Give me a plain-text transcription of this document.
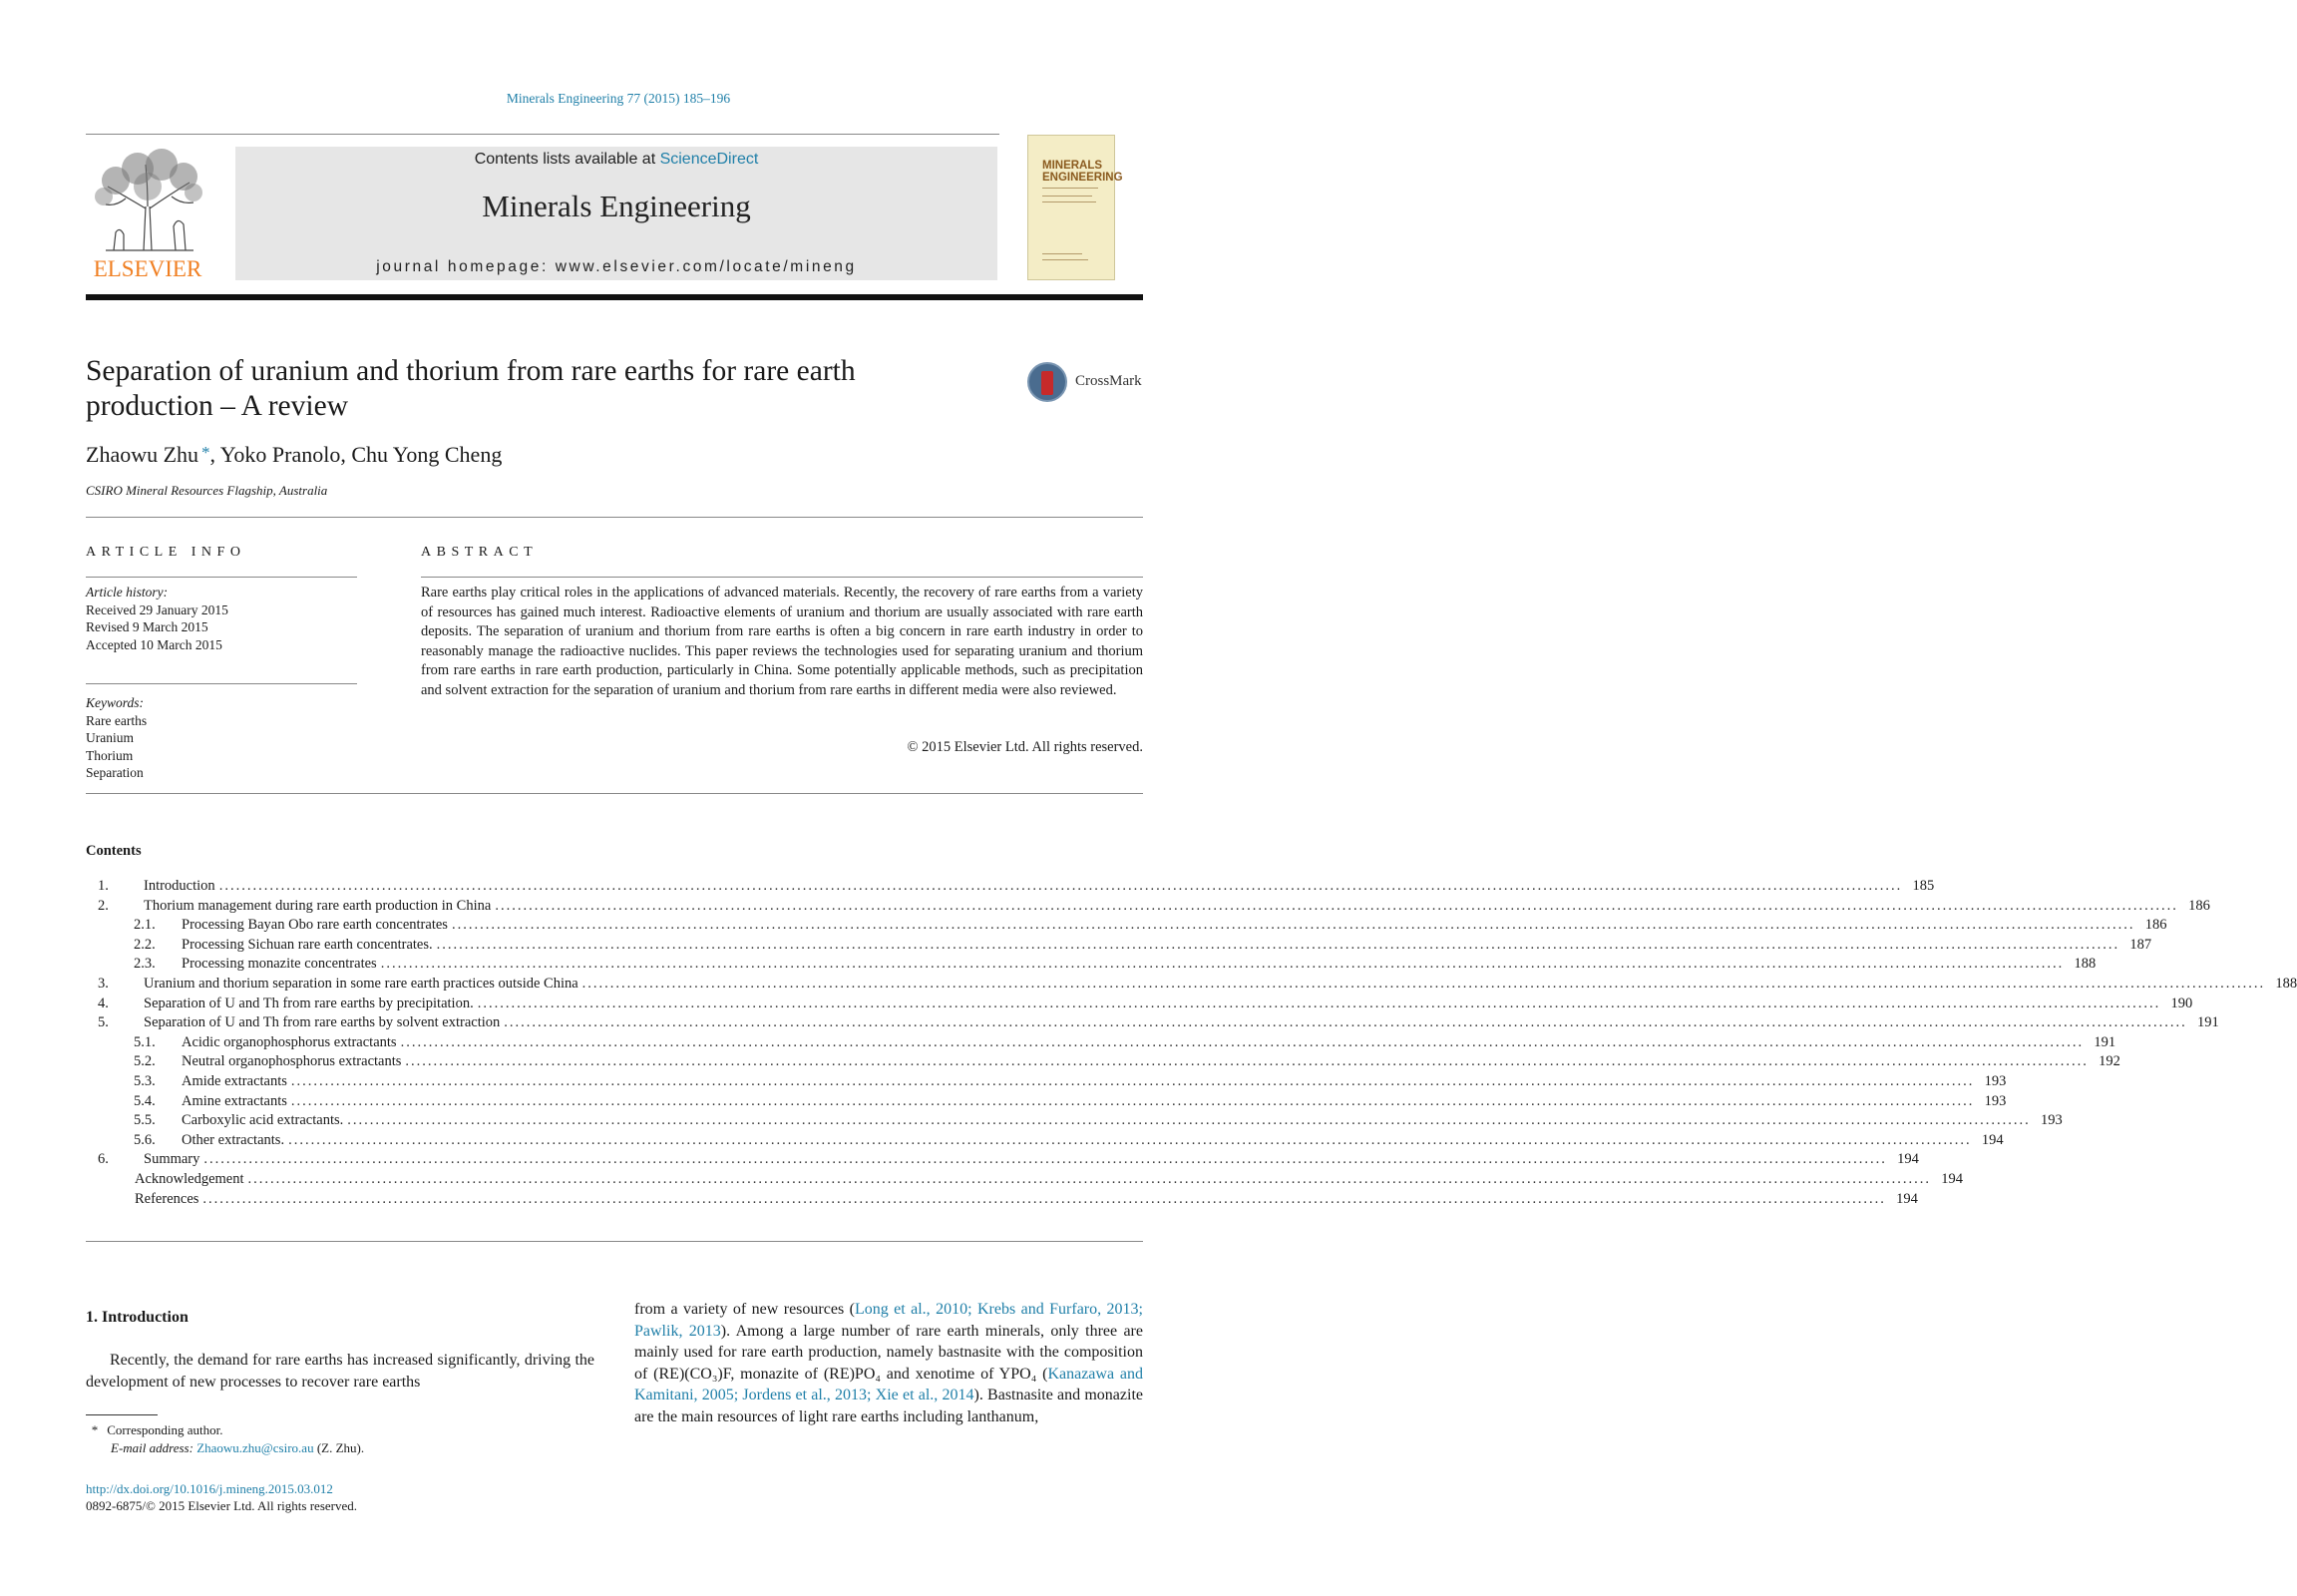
Minerals Engineering 77 (2015) 185–196
ELSEVIER
Contents lists available at ScienceDirect
Minerals Engineering
journal homepage: www.elsevier.com/locate/mineng
MINERALS
ENGINEERING
Separation of uranium and thorium from rare earths for rare earth production – A review
CrossMark
Zhaowu Zhu *, Yoko Pranolo, Chu Yong Cheng
CSIRO Mineral Resources Flagship, Australia
ARTICLE INFO	ABSTRACT
Article history:
Received 29 January 2015
Revised 9 March 2015
Accepted 10 March 2015
Keywords:
Rare earths
Uranium
Thorium
Separation
Rare earths play critical roles in the applications of advanced materials. Recently, the recovery of rare earths from a variety of resources has gained much interest. Radioactive elements of uranium and thorium are usually associated with rare earth deposits. The separation of uranium and thorium from rare earths is often a big concern in rare earth industry in order to reasonably manage the radioactive nuclides. This paper reviews the technologies used for separating uranium and thorium from rare earths in rare earth production, particularly in China. Some potentially applicable methods, such as precipitation and solvent extraction for the separation of uranium and thorium from rare earths in different media were also reviewed.
© 2015 Elsevier Ltd. All rights reserved.
Contents
1.	Introduction ............................................................................................................................................................................................................................................................................................................ 185
2.	Thorium management during rare earth production in China ............................................................................................................................................................................................................................................................................................................ 186
2.1.	Processing Bayan Obo rare earth concentrates ............................................................................................................................................................................................................................................................................................................ 186
2.2.	Processing Sichuan rare earth concentrates. ............................................................................................................................................................................................................................................................................................................ 187
2.3.	Processing monazite concentrates ............................................................................................................................................................................................................................................................................................................ 188
3.	Uranium and thorium separation in some rare earth practices outside China ............................................................................................................................................................................................................................................................................................................ 188
4.	Separation of U and Th from rare earths by precipitation. ............................................................................................................................................................................................................................................................................................................ 190
5.	Separation of U and Th from rare earths by solvent extraction ............................................................................................................................................................................................................................................................................................................ 191
5.1.	Acidic organophosphorus extractants ............................................................................................................................................................................................................................................................................................................ 191
5.2.	Neutral organophosphorus extractants ............................................................................................................................................................................................................................................................................................................ 192
5.3.	Amide extractants ............................................................................................................................................................................................................................................................................................................ 193
5.4.	Amine extractants ............................................................................................................................................................................................................................................................................................................ 193
5.5.	Carboxylic acid extractants. ............................................................................................................................................................................................................................................................................................................ 193
5.6.	Other extractants. ............................................................................................................................................................................................................................................................................................................ 194
6.	Summary ............................................................................................................................................................................................................................................................................................................ 194
Acknowledgement ............................................................................................................................................................................................................................................................................................................ 194
References ............................................................................................................................................................................................................................................................................................................ 194
1. Introduction
Recently, the demand for rare earths has increased significantly, driving the development of new processes to recover rare earths
from a variety of new resources (Long et al., 2010; Krebs and Furfaro, 2013; Pawlik, 2013). Among a large number of rare earth minerals, only three are mainly used for rare earth production, namely bastnasite with the composition of (RE)(CO₃)F, monazite of (RE)PO₄ and xenotime of YPO₄ (Kanazawa and Kamitani, 2005; Jordens et al., 2013; Xie et al., 2014). Bastnasite and monazite are the main resources of light rare earths including lanthanum,
* Corresponding author.
E-mail address: Zhaowu.zhu@csiro.au (Z. Zhu).
http://dx.doi.org/10.1016/j.mineng.2015.03.012
0892-6875/© 2015 Elsevier Ltd. All rights reserved.
